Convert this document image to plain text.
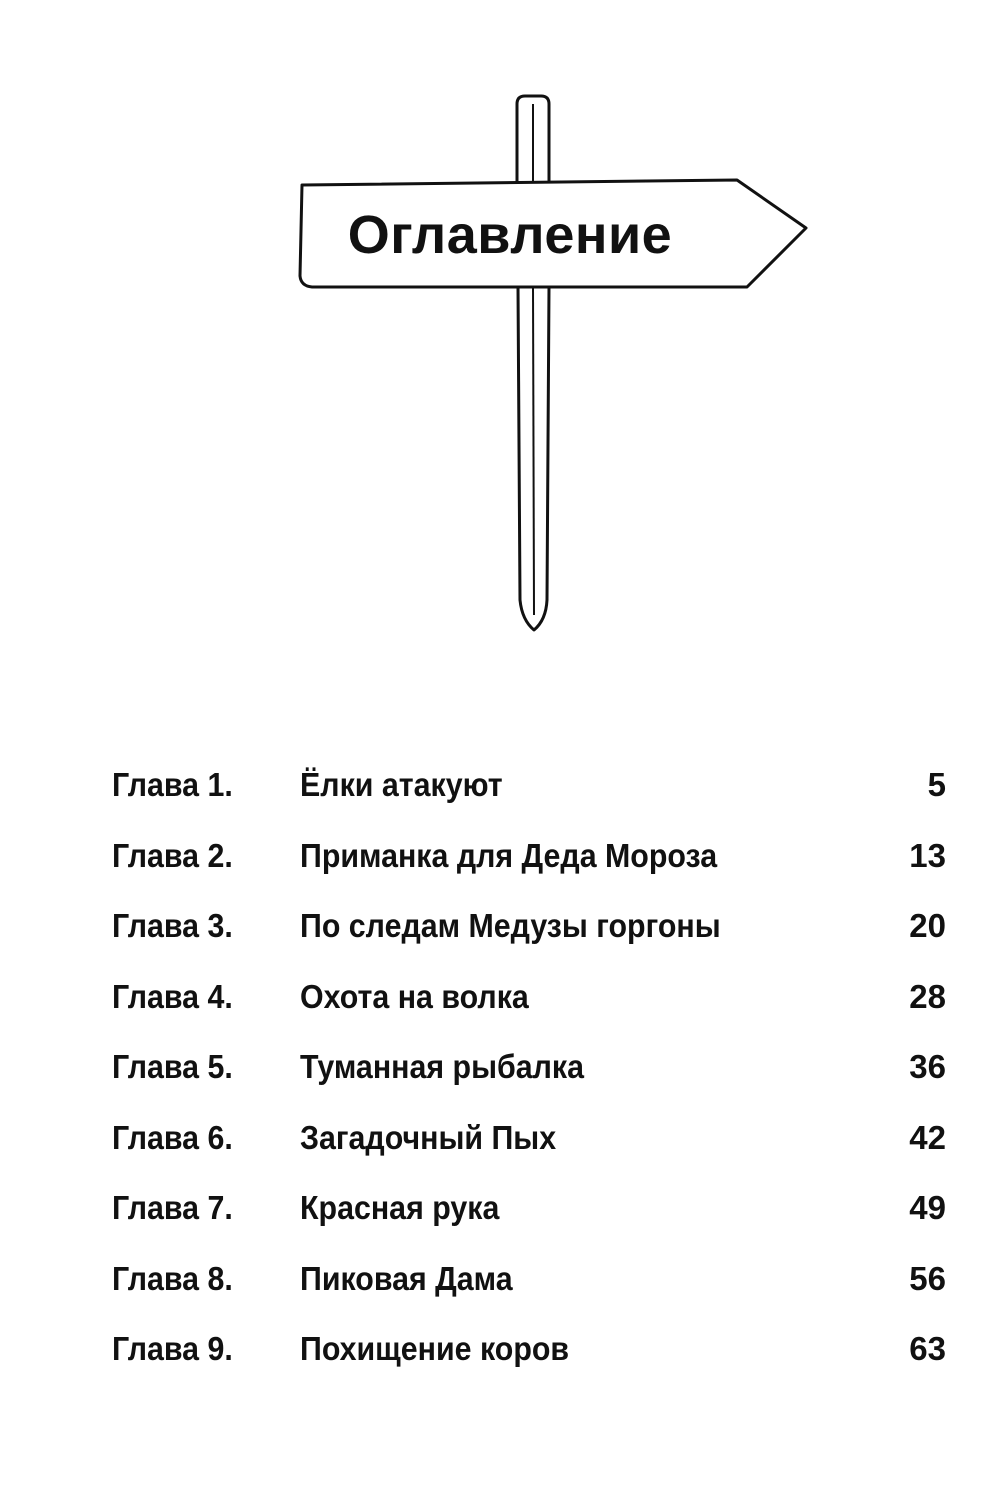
Оглавление
Глава 1.	Ёлки атакуют	5
Глава 2.	Приманка для Деда Мороза	13
Глава 3.	По следам Медузы горгоны	20
Глава 4.	Охота на волка	28
Глава 5.	Туманная рыбалка	36
Глава 6.	Загадочный Пых	42
Глава 7.	Красная рука	49
Глава 8.	Пиковая Дама	56
Глава 9.	Похищение коров	63
